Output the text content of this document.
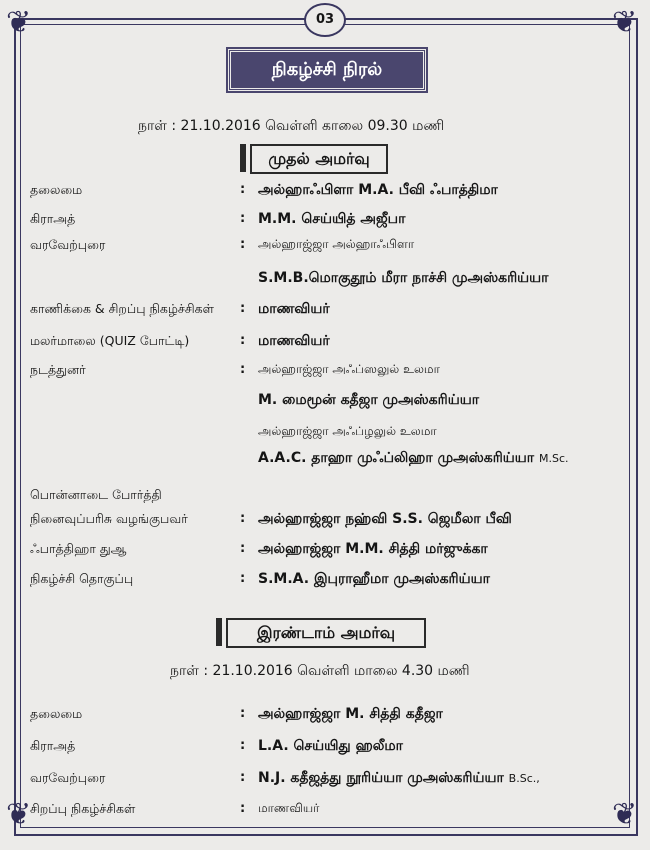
❦	❦
❦	❦
03
நிகழ்ச்சி நிரல்
நாள் : 21.10.2016 வெள்ளி காலை 09.30 மணி
முதல் அமர்வு
தலைமை	: அல்ஹாஃபிளா M.A. பீவி ஃபாத்திமா
கிராஅத்	: M.M. செய்யித் அஜீபா
வரவேற்புரை	: அல்ஹாஜ்ஜா அல்ஹாஃபிளா
S.M.B.மொகுதூம் மீரா நாச்சி முஅஸ்கரிய்யா
காணிக்கை & சிறப்பு நிகழ்ச்சிகள் : மாணவியர்
மலர்மாலை (QUIZ போட்டி)	: மாணவியர்
நடத்துனர்	: அல்ஹாஜ்ஜா அஃப்ஸலுல் உலமா
M. மைமூன் கதீஜா முஅஸ்கரிய்யா
அல்ஹாஜ்ஜா அஃப்ழலுல் உலமா
A.A.C. தாஹா முஃப்லிஹா முஅஸ்கரிய்யா M.Sc.
பொன்னாடை போர்த்தி
நினைவுப்பரிசு வழங்குபவர்	: அல்ஹாஜ்ஜா நஹ்வி S.S. ஜெமீலா பீவி
ஃபாத்திஹா துஆ	: அல்ஹாஜ்ஜா M.M. சித்தி மர்ஜுக்கா
நிகழ்ச்சி தொகுப்பு	: S.M.A. இபுராஹீமா முஅஸ்கரிய்யா
இரண்டாம் அமர்வு
நாள் : 21.10.2016 வெள்ளி மாலை 4.30 மணி
தலைமை	: அல்ஹாஜ்ஜா M. சித்தி கதீஜா
கிராஅத்	: L.A. செய்யிது ஹலீமா
வரவேற்புரை	: N.J. கதீஜத்து நூரிய்யா முஅஸ்கரிய்யா B.Sc.,
சிறப்பு நிகழ்ச்சிகள்	: மாணவியர்
